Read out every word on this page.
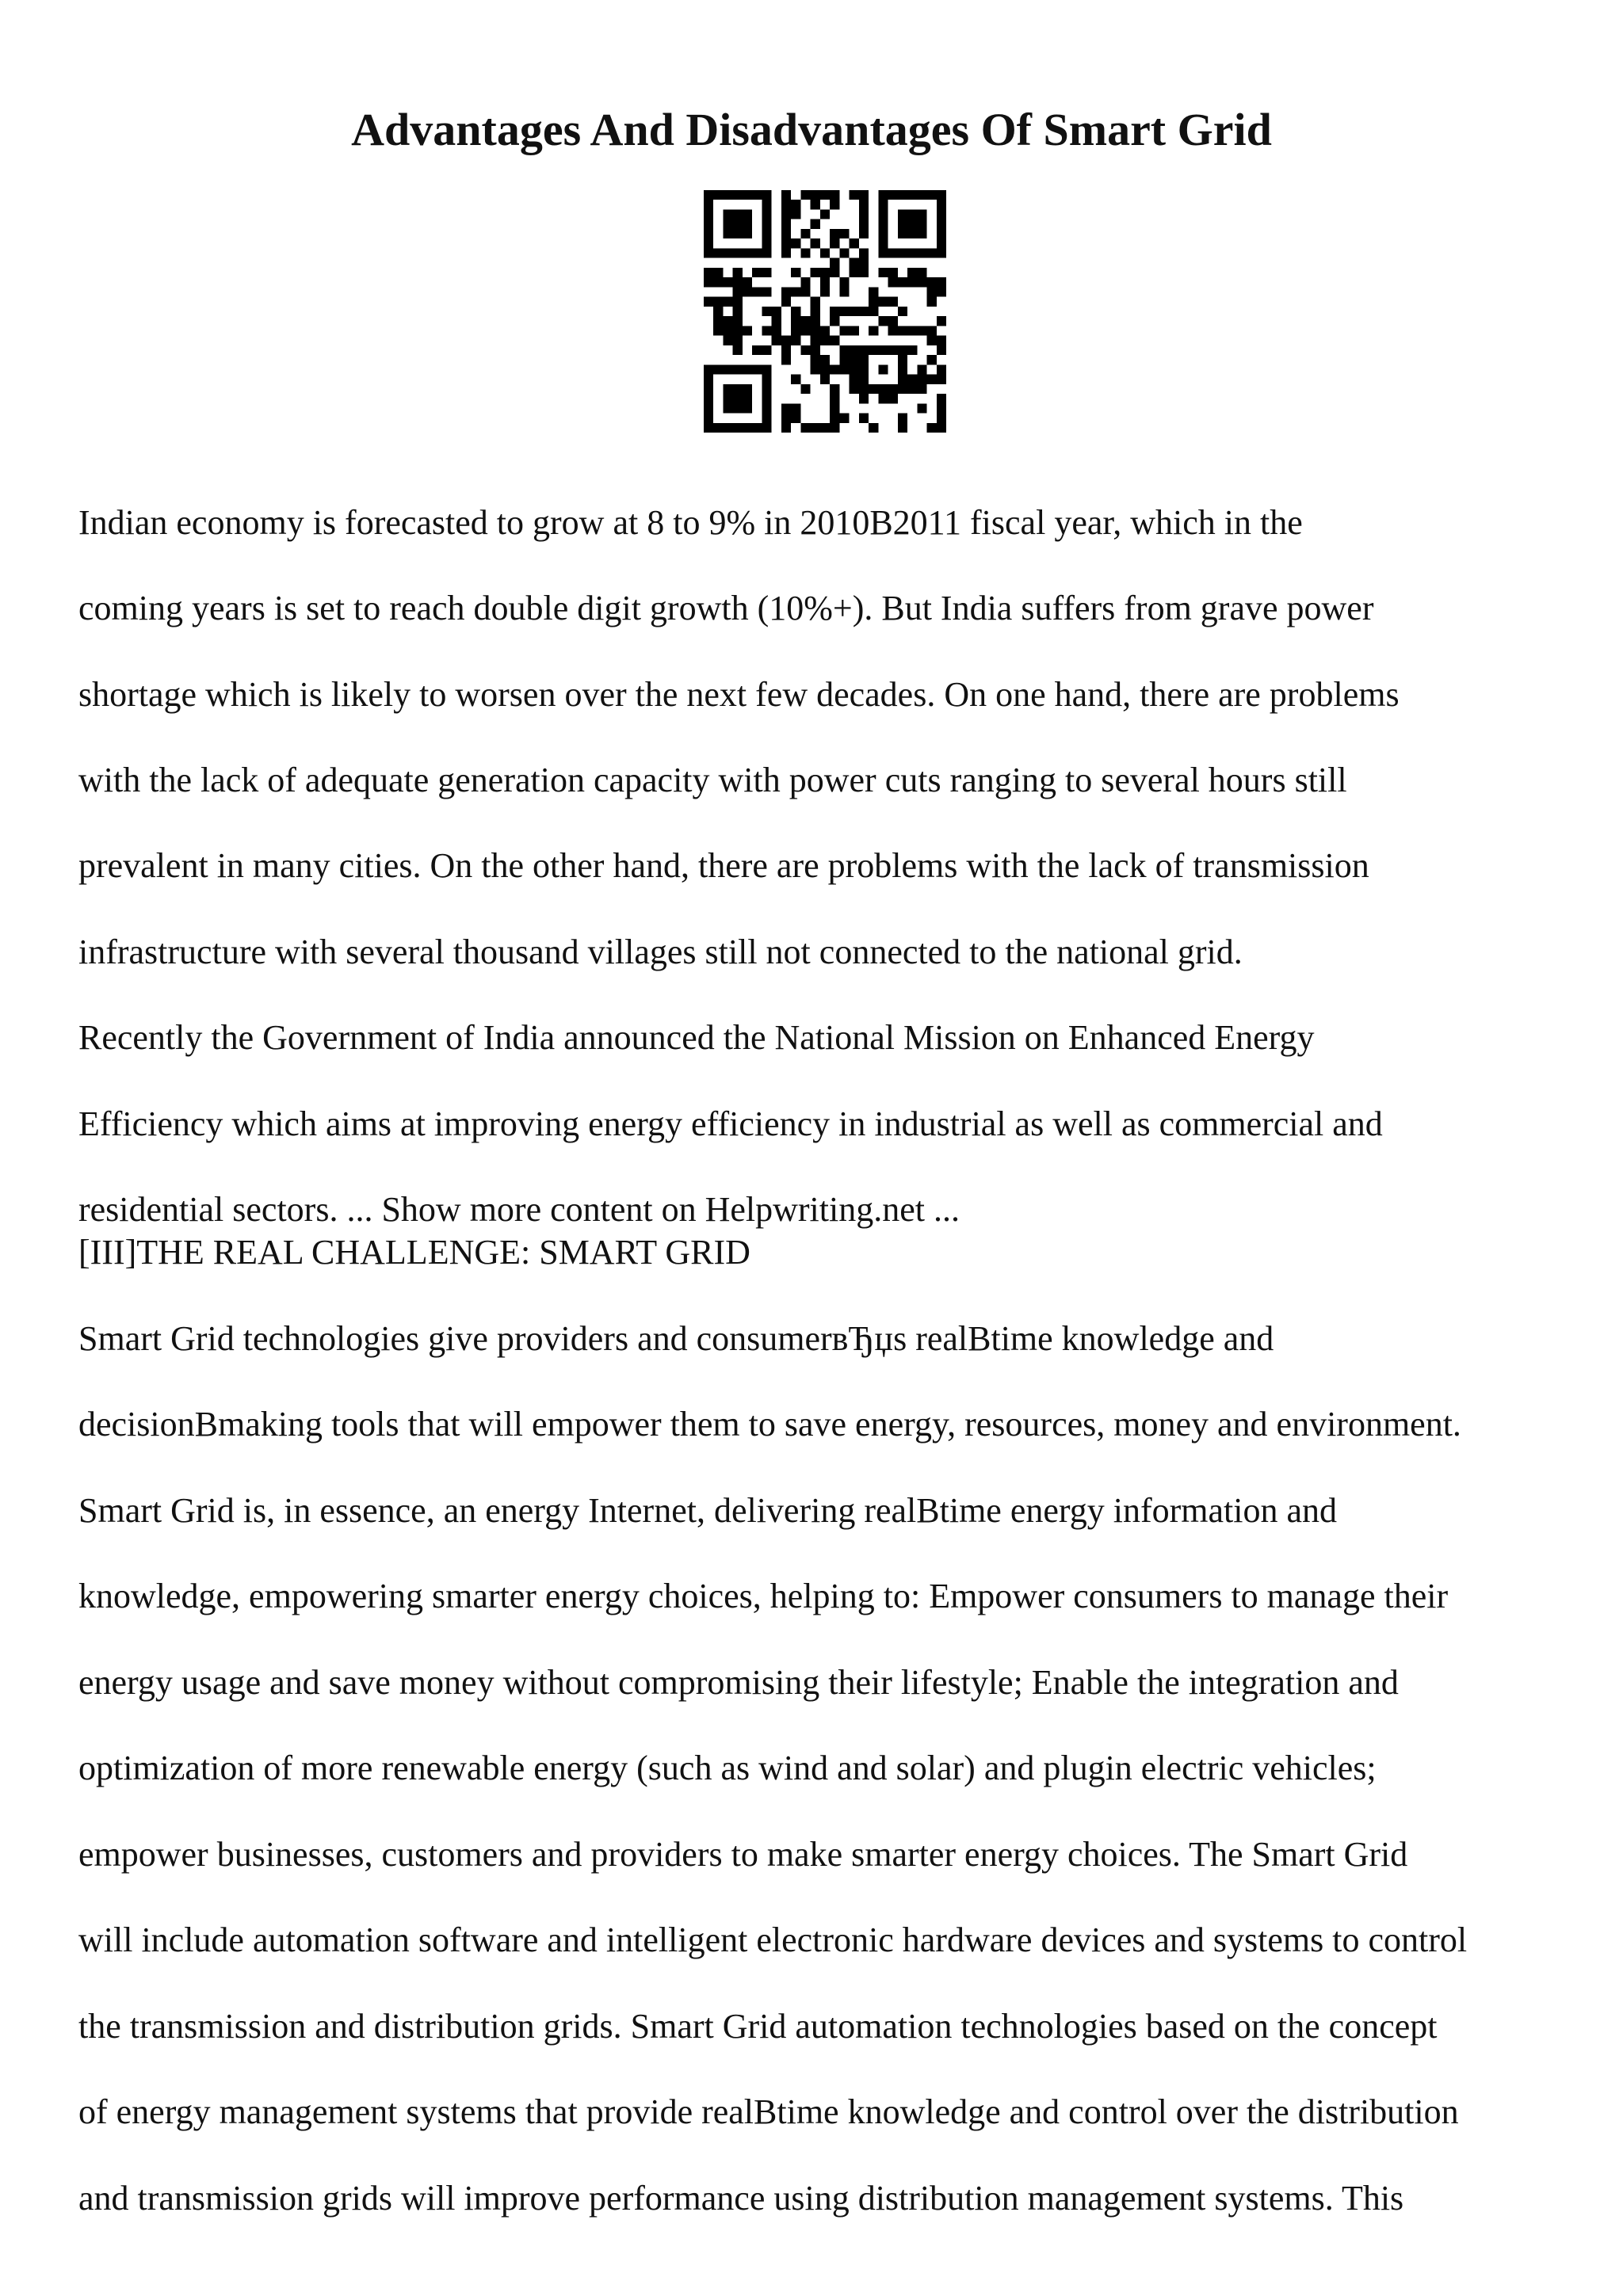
Advantages And Disadvantages Of Smart Grid

Indian economy is forecasted to grow at 8 to 9% in 2010В2011 fiscal year, which in the

coming years is set to reach double digit growth (10%+). But India suffers from grave power

shortage which is likely to worsen over the next few decades. On one hand, there are problems

with the lack of adequate generation capacity with power cuts ranging to several hours still

prevalent in many cities. On the other hand, there are problems with the lack of transmission

infrastructure with several thousand villages still not connected to the national grid.

Recently the Government of India announced the National Mission on Enhanced Energy

Efficiency which aims at improving energy efficiency in industrial as well as commercial and

residential sectors. ... Show more content on Helpwriting.net ...

[III]THE REAL CHALLENGE: SMART GRID

Smart Grid technologies give providers and consumerвЂџs realВtime knowledge and

decisionВmaking tools that will empower them to save energy, resources, money and environment.

Smart Grid is, in essence, an energy Internet, delivering realВtime energy information and

knowledge, empowering smarter energy choices, helping to: Empower consumers to manage their

energy usage and save money without compromising their lifestyle; Enable the integration and

optimization of more renewable energy (such as wind and solar) and plugin electric vehicles;

empower businesses, customers and providers to make smarter energy choices. The Smart Grid

will include automation software and intelligent electronic hardware devices and systems to control

the transmission and distribution grids. Smart Grid automation technologies based on the concept

of energy management systems that provide realВtime knowledge and control over the distribution

and transmission grids will improve performance using distribution management systems. This
